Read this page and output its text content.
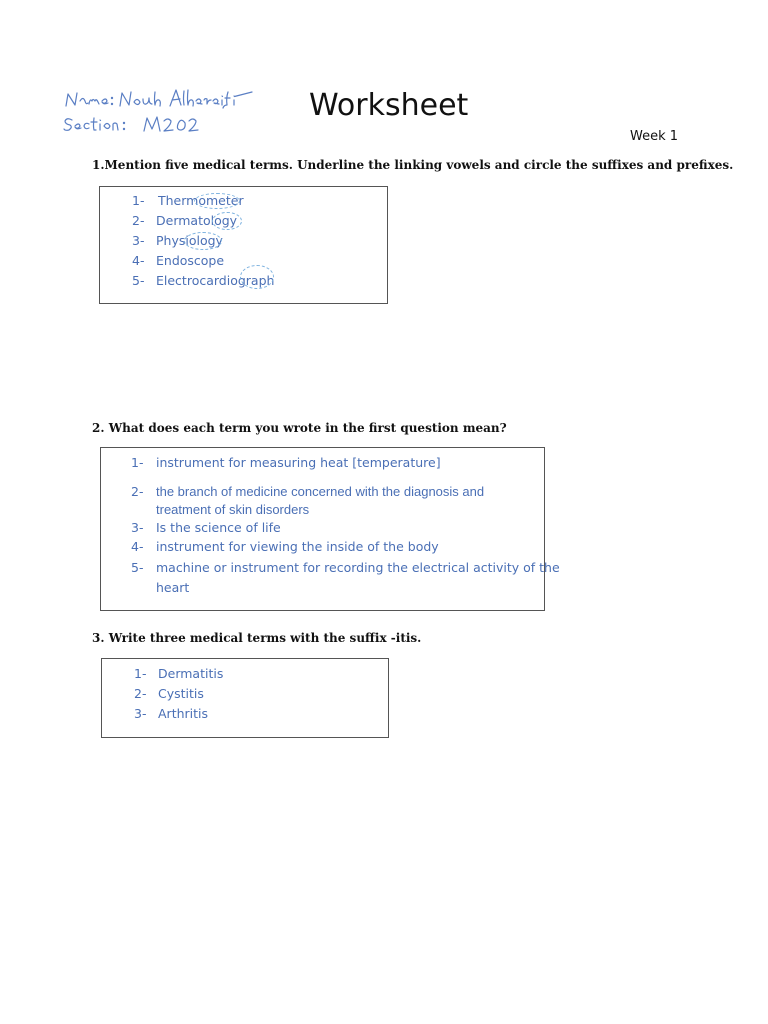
Worksheet
Week 1
1.Mention five medical terms. Underline the linking vowels and circle the suffixes and prefixes.
1- Thermometer
2- Dermatology
3- Physiology
4- Endoscope
5- Electrocardiograph
2. What does each term you wrote in the first question mean?
1- instrument for measuring heat [temperature]
2- the branch of medicine concerned with the diagnosis and
treatment of skin disorders
3- Is the science of life
4- instrument for viewing the inside of the body
5- machine or instrument for recording the electrical activity of the
heart
3. Write three medical terms with the suffix -itis.
1- Dermatitis
2- Cystitis
3- Arthritis
